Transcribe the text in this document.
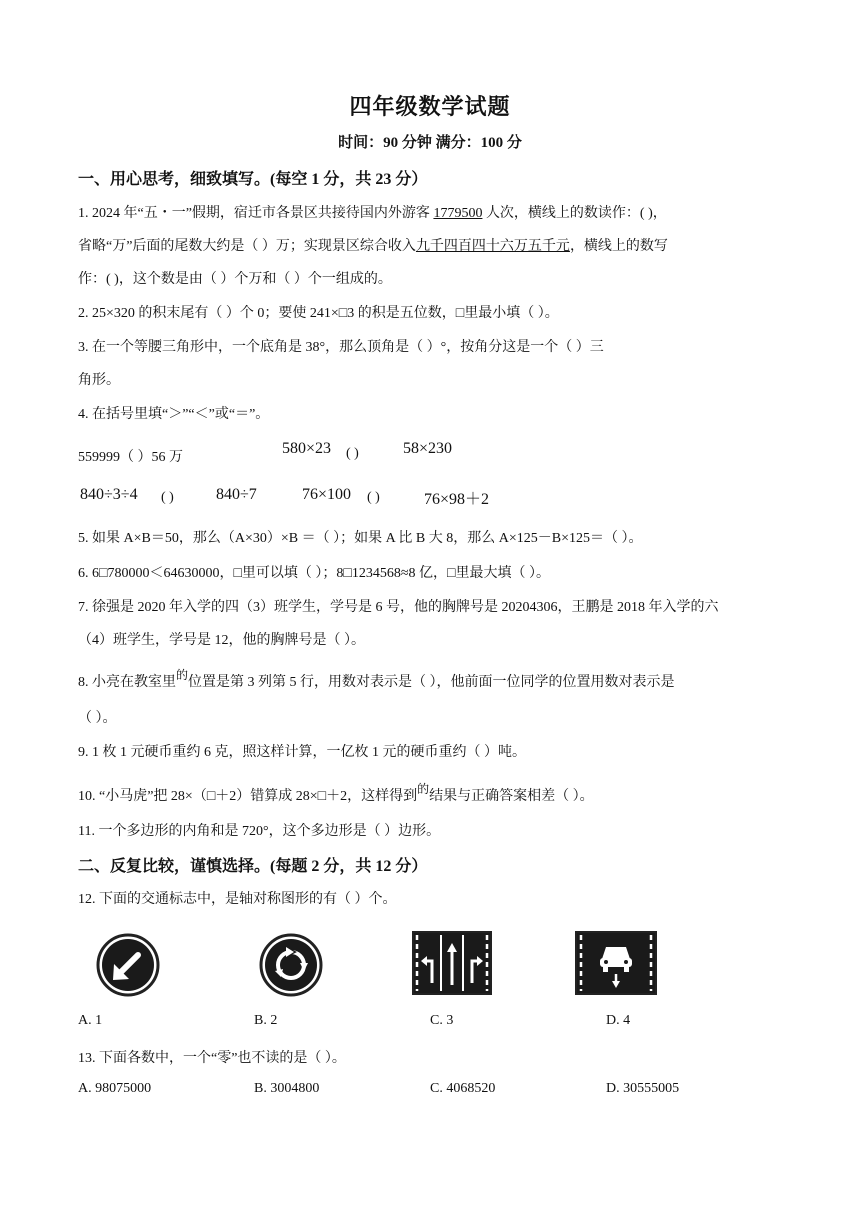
四年级数学试题
时间：90 分钟 满分：100 分
一、用心思考，细致填写。(每空 1 分，共 23 分）
1. 2024 年“五・一”假期，宿迁市各景区共接待国内外游客 1779500 人次，横线上的数读作：( )，
省略“万”后面的尾数大约是（ ）万；实现景区综合收入九千四百四十六万五千元，横线上的数写
作：( )，这个数是由（ ）个万和（ ）个一组成的。
2. 25×320 的积末尾有（ ）个 0；要使 241×□3 的积是五位数，□里最小填（ ）。
3. 在一个等腰三角形中，一个底角是 38°，那么顶角是（ ）°，按角分这是一个（ ）三
角形。
4. 在括号里填“＞”“＜”或“＝”。
559999（ ）56 万
580×23 ( )	58×230
840÷3÷4 ( )	840÷7	76×100 ( )	76×98＋2
5. 如果 A×B＝50，那么（A×30）×B ＝（ ）；如果 A 比 B 大 8，那么 A×125－B×125＝（ ）。
6. 6□780000＜64630000，□里可以填（ ）；8□1234568≈8 亿，□里最大填（ ）。
7. 徐强是 2020 年入学的四（3）班学生，学号是 6 号，他的胸牌号是 20204306，王鹏是 2018 年入学的六
（4）班学生，学号是 12，他的胸牌号是（ ）。
8. 小亮在教室里的位置是第 3 列第 5 行，用数对表示是（ ），他前面一位同学的位置用数对表示是
（ ）。
9. 1 枚 1 元硬币重约 6 克，照这样计算，一亿枚 1 元的硬币重约（ ）吨。
10. “小马虎”把 28×（□＋2）错算成 28×□＋2，这样得到的结果与正确答案相差（ ）。
11. 一个多边形的内角和是 720°，这个多边形是（ ）边形。
二、反复比较，谨慎选择。(每题 2 分，共 12 分）
12. 下面的交通标志中，是轴对称图形的有（ ）个。
A. 1	B. 2	C. 3	D. 4
13. 下面各数中，一个“零”也不读的是（ ）。
A. 98075000	B. 3004800	C. 4068520	D. 30555005
